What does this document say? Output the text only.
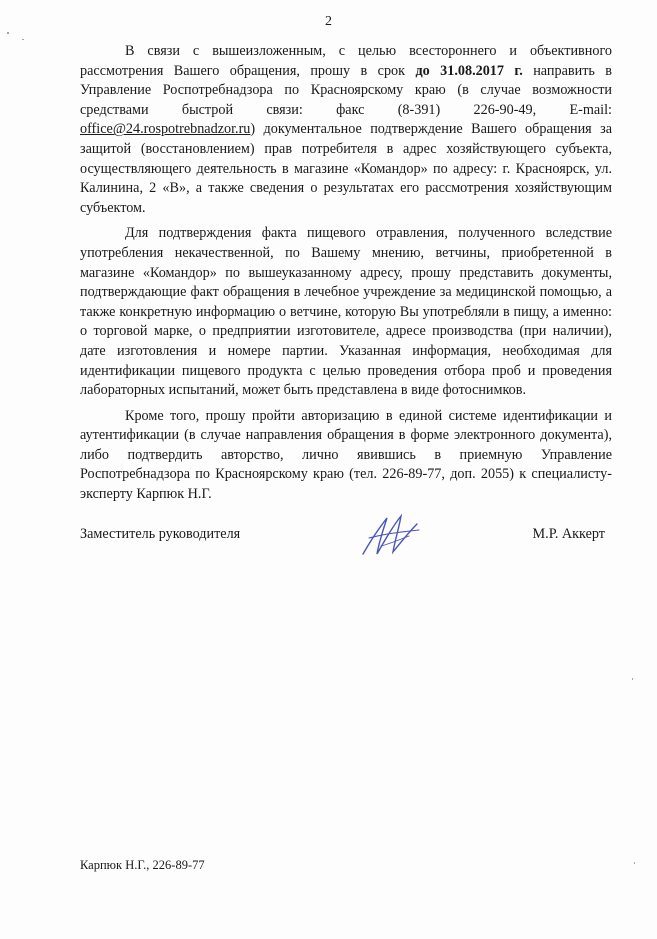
2

В связи с вышеизложенным, с целью всестороннего и объективного рассмотрения Вашего обращения, прошу в срок до 31.08.2017 г. направить в Управление Роспотребнадзора по Красноярскому краю (в случае возможности средствами быстрой связи: факс (8-391) 226-90-49, E-mail: office@24.rospotrebnadzor.ru) документальное подтверждение Вашего обращения за защитой (восстановлением) прав потребителя в адрес хозяйствующего субъекта, осуществляющего деятельность в магазине «Командор» по адресу: г. Красноярск, ул. Калинина, 2 «В», а также сведения о результатах его рассмотрения хозяйствующим субъектом.

Для подтверждения факта пищевого отравления, полученного вследствие употребления некачественной, по Вашему мнению, ветчины, приобретенной в магазине «Командор» по вышеуказанному адресу, прошу представить документы, подтверждающие факт обращения в лечебное учреждение за медицинской помощью, а также конкретную информацию о ветчине, которую Вы употребляли в пищу, а именно: о торговой марке, о предприятии изготовителе, адресе производства (при наличии), дате изготовления и номере партии. Указанная информация, необходимая для идентификации пищевого продукта с целью проведения отбора проб и проведения лабораторных испытаний, может быть представлена в виде фотоснимков.

Кроме того, прошу пройти авторизацию в единой системе идентификации и аутентификации (в случае направления обращения в форме электронного документа), либо подтвердить авторство, лично явившись в приемную Управление Роспотребнадзора по Красноярскому краю (тел. 226-89-77, доп. 2055) к специалисту-эксперту Карпюк Н.Г.

Заместитель руководителя	М.Р. Аккерт
Карпюк Н.Г., 226-89-77
